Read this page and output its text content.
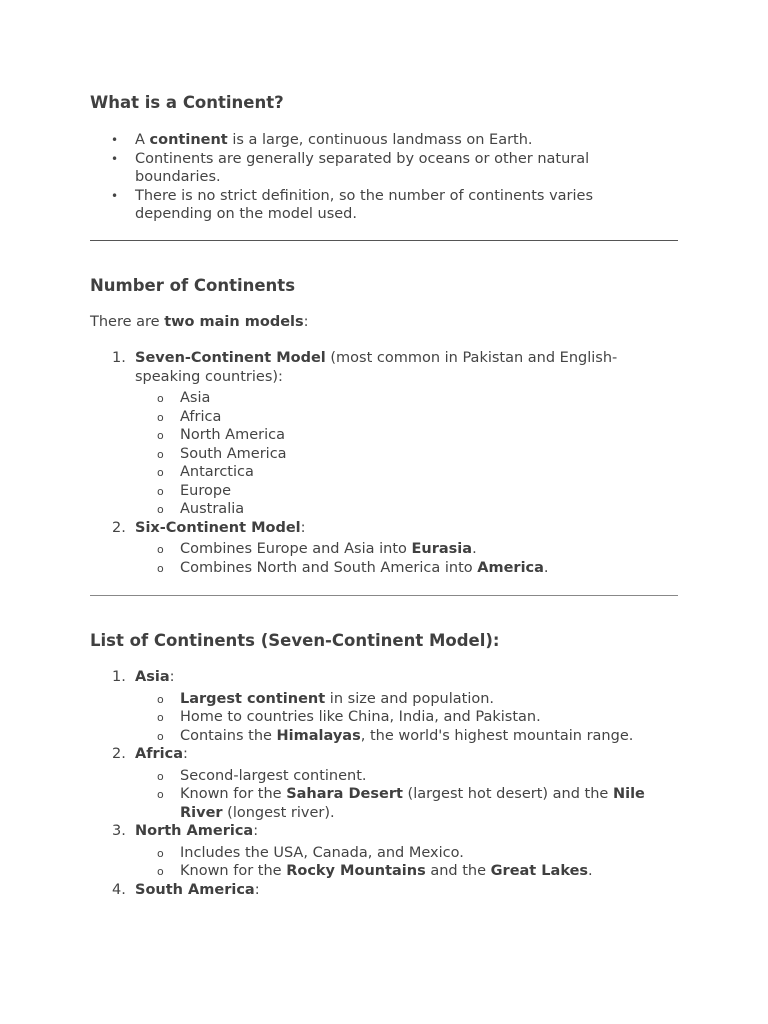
What is a Continent?
• A continent is a large, continuous landmass on Earth.
• Continents are generally separated by oceans or other natural boundaries.
• There is no strict definition, so the number of continents varies depending on the model used.
Number of Continents

There are two main models:

1. Seven-Continent Model (most common in Pakistan and English-speaking countries):
o Asia
o Africa
o North America
o South America
o Antarctica
o Europe
o Australia
2. Six-Continent Model:
o Combines Europe and Asia into Eurasia.
o Combines North and South America into America.
List of Continents (Seven-Continent Model):
1. Asia:
o Largest continent in size and population.
o Home to countries like China, India, and Pakistan.
o Contains the Himalayas, the world's highest mountain range.
2. Africa:
o Second-largest continent.
o Known for the Sahara Desert (largest hot desert) and the Nile River (longest river).
3. North America:
o Includes the USA, Canada, and Mexico.
o Known for the Rocky Mountains and the Great Lakes.
4. South America:
